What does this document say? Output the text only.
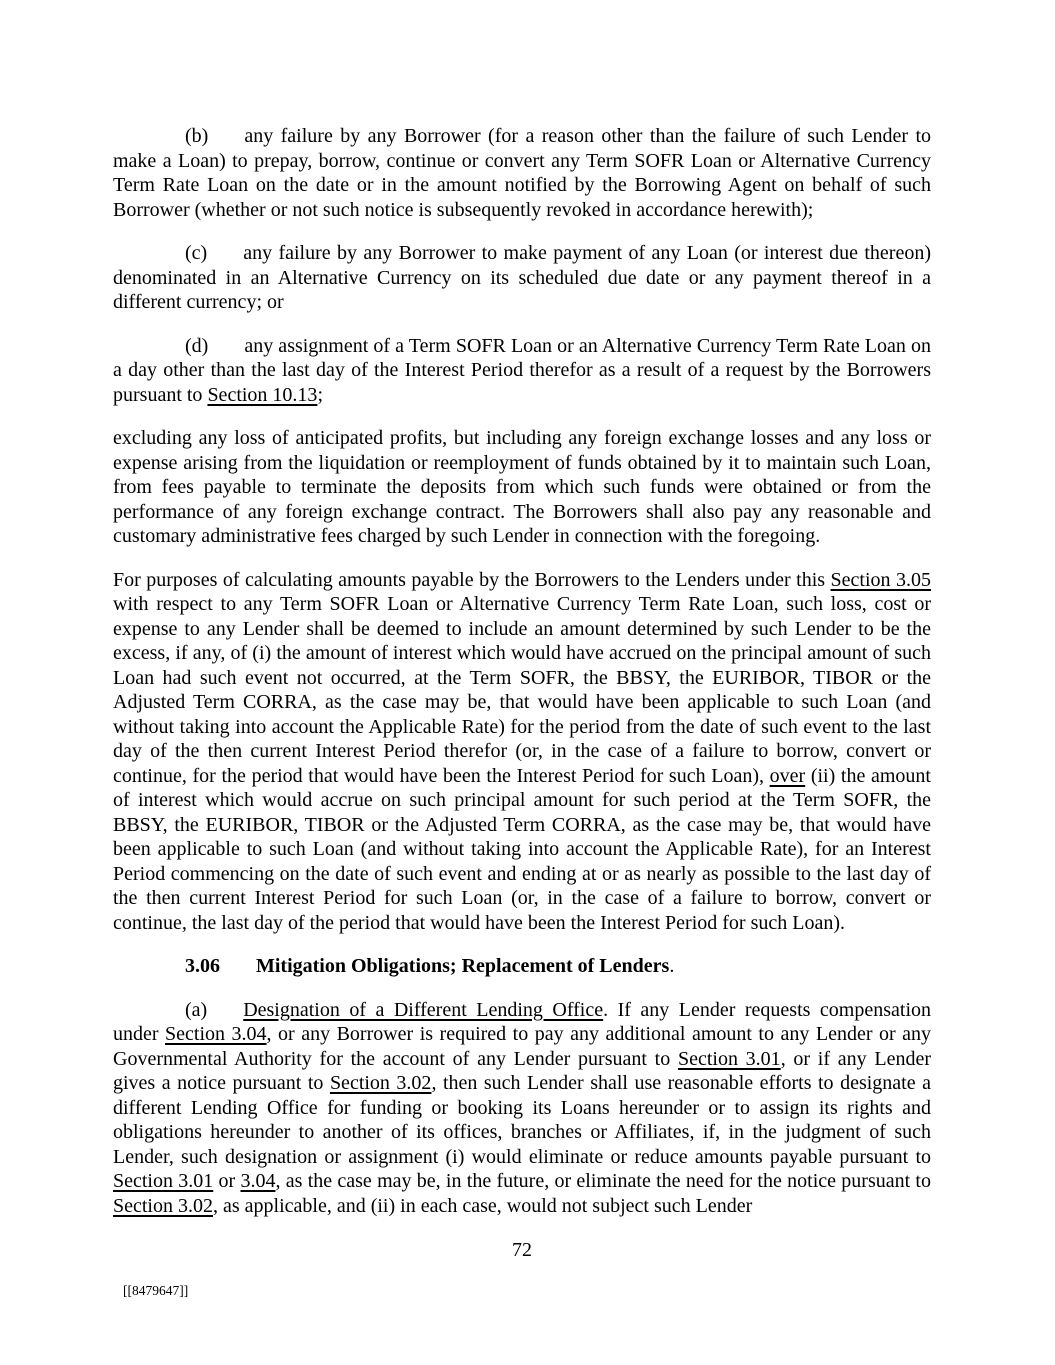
(b) any failure by any Borrower (for a reason other than the failure of such Lender to make a Loan) to prepay, borrow, continue or convert any Term SOFR Loan or Alternative Currency Term Rate Loan on the date or in the amount notified by the Borrowing Agent on behalf of such Borrower (whether or not such notice is subsequently revoked in accordance herewith);
(c) any failure by any Borrower to make payment of any Loan (or interest due thereon) denominated in an Alternative Currency on its scheduled due date or any payment thereof in a different currency; or
(d) any assignment of a Term SOFR Loan or an Alternative Currency Term Rate Loan on a day other than the last day of the Interest Period therefor as a result of a request by the Borrowers pursuant to Section 10.13;
excluding any loss of anticipated profits, but including any foreign exchange losses and any loss or expense arising from the liquidation or reemployment of funds obtained by it to maintain such Loan, from fees payable to terminate the deposits from which such funds were obtained or from the performance of any foreign exchange contract. The Borrowers shall also pay any reasonable and customary administrative fees charged by such Lender in connection with the foregoing.
For purposes of calculating amounts payable by the Borrowers to the Lenders under this Section 3.05 with respect to any Term SOFR Loan or Alternative Currency Term Rate Loan, such loss, cost or expense to any Lender shall be deemed to include an amount determined by such Lender to be the excess, if any, of (i) the amount of interest which would have accrued on the principal amount of such Loan had such event not occurred, at the Term SOFR, the BBSY, the EURIBOR, TIBOR or the Adjusted Term CORRA, as the case may be, that would have been applicable to such Loan (and without taking into account the Applicable Rate) for the period from the date of such event to the last day of the then current Interest Period therefor (or, in the case of a failure to borrow, convert or continue, for the period that would have been the Interest Period for such Loan), over (ii) the amount of interest which would accrue on such principal amount for such period at the Term SOFR, the BBSY, the EURIBOR, TIBOR or the Adjusted Term CORRA, as the case may be, that would have been applicable to such Loan (and without taking into account the Applicable Rate), for an Interest Period commencing on the date of such event and ending at or as nearly as possible to the last day of the then current Interest Period for such Loan (or, in the case of a failure to borrow, convert or continue, the last day of the period that would have been the Interest Period for such Loan).
3.06 Mitigation Obligations; Replacement of Lenders.
(a) Designation of a Different Lending Office. If any Lender requests compensation under Section 3.04, or any Borrower is required to pay any additional amount to any Lender or any Governmental Authority for the account of any Lender pursuant to Section 3.01, or if any Lender gives a notice pursuant to Section 3.02, then such Lender shall use reasonable efforts to designate a different Lending Office for funding or booking its Loans hereunder or to assign its rights and obligations hereunder to another of its offices, branches or Affiliates, if, in the judgment of such Lender, such designation or assignment (i) would eliminate or reduce amounts payable pursuant to Section 3.01 or 3.04, as the case may be, in the future, or eliminate the need for the notice pursuant to Section 3.02, as applicable, and (ii) in each case, would not subject such Lender
72
[[8479647]]
